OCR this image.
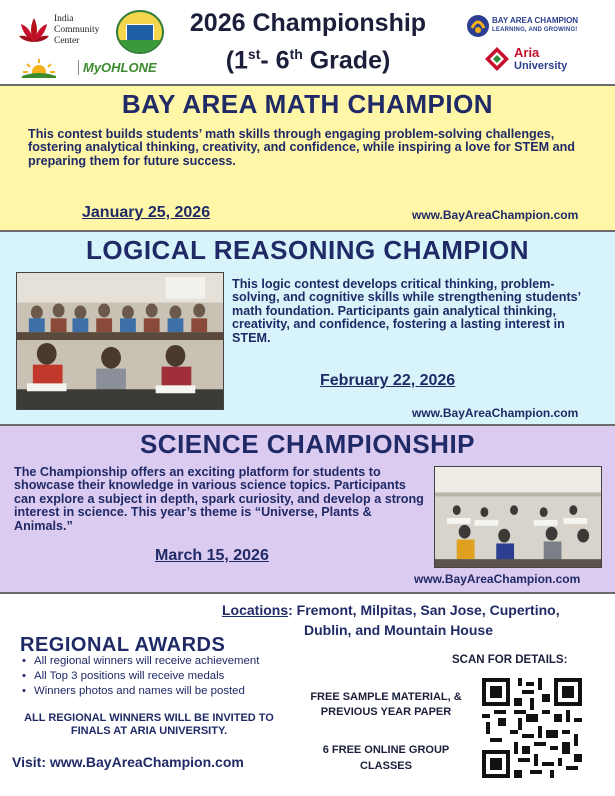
India Community Center
MyOHLONE
2026 Championship
(1st- 6th Grade)
BAY AREA CHAMPION
LEARNING, AND GROWING!
Aria
University
BAY AREA MATH CHAMPION
This contest builds students’ math skills through engaging problem-solving challenges, fostering analytical thinking, creativity, and confidence, while inspiring a love for STEM and preparing them for future success.
January 25, 2026	www.BayAreaChampion.com
LOGICAL REASONING CHAMPION
This logic contest develops critical thinking, problem-solving, and cognitive skills while strengthening students’ math foundation. Participants gain analytical thinking, creativity, and confidence, fostering a lasting interest in STEM.
February 22, 2026
www.BayAreaChampion.com
SCIENCE CHAMPIONSHIP
The Championship offers an exciting platform for students to showcase their knowledge in various science topics. Participants can explore a subject in depth, spark curiosity, and develop a strong interest in science. This year’s theme is “Universe, Plants & Animals.”
March 15, 2026
www.BayAreaChampion.com
Locations: Fremont, Milpitas, San Jose, Cupertino,
Dublin, and Mountain House
REGIONAL AWARDS
• All regional winners will receive achievement
• All Top 3 positions will receive medals
• Winners photos and names will be posted
ALL REGIONAL WINNERS WILL BE INVITED TO FINALS AT ARIA UNIVERSITY.
Visit: www.BayAreaChampion.com
FREE SAMPLE MATERIAL, & PREVIOUS YEAR PAPER
6 FREE ONLINE GROUP CLASSES
SCAN FOR DETAILS:
